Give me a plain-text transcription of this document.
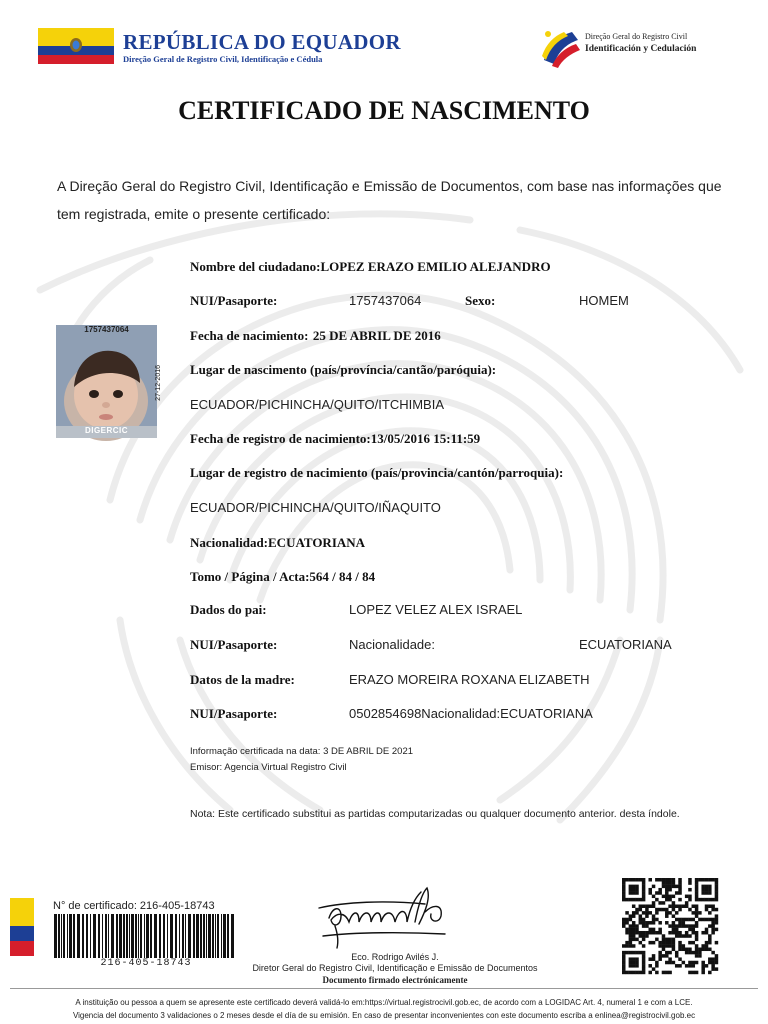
REPÚBLICA DO EQUADOR
Direção Geral de Registro Civil, Identificação e Cédula
Direção Geral do Registro Civil
Identificación y Cedulación
CERTIFICADO DE NASCIMENTO
A Direção Geral do Registro Civil, Identificação e Emissão de Documentos, com base nas informações que tem registrada, emite o presente certificado:
1757437064
27-12-2016
DIGERCIC
Nombre del ciudadano:LOPEZ ERAZO EMILIO ALEJANDRO
NUI/Pasaporte:	1757437064	Sexo:	HOMEM
Fecha de nacimiento: 25 DE ABRIL DE 2016
Lugar de nascimento (país/província/cantão/paróquia):
ECUADOR/PICHINCHA/QUITO/ITCHIMBIA
Fecha de registro de nacimiento:13/05/2016 15:11:59
Lugar de registro de nacimiento (país/provincia/cantón/parroquia):
ECUADOR/PICHINCHA/QUITO/IÑAQUITO
Nacionalidad:ECUATORIANA
Tomo / Página / Acta:564 / 84 / 84
Dados do pai:	LOPEZ VELEZ ALEX ISRAEL
NUI/Pasaporte:	Nacionalidade:	ECUATORIANA
Datos de la madre:	ERAZO MOREIRA ROXANA ELIZABETH
NUI/Pasaporte:	0502854698Nacionalidad:ECUATORIANA
Informação certificada na data: 3 DE ABRIL DE 2021
Emisor: Agencia Virtual Registro Civil
Nota: Este certificado substitui as partidas computarizadas ou qualquer documento anterior. desta índole.
N° de certificado: 216-405-18743
216-405-18743
Eco. Rodrigo Avilés J.
Diretor Geral do Registro Civil, Identificação e Emissão de Documentos
Documento firmado electrónicamente
A instituição ou pessoa a quem se apresente este certificado deverá validá-lo em:https://virtual.registrocivil.gob.ec, de acordo com a LOGIDAC Art. 4, numeral 1 e com a LCE.
Vigencia del documento 3 validaciones o 2 meses desde el día de su emisión. En caso de presentar inconvenientes con este documento escriba a enlinea@registrocivil.gob.ec
